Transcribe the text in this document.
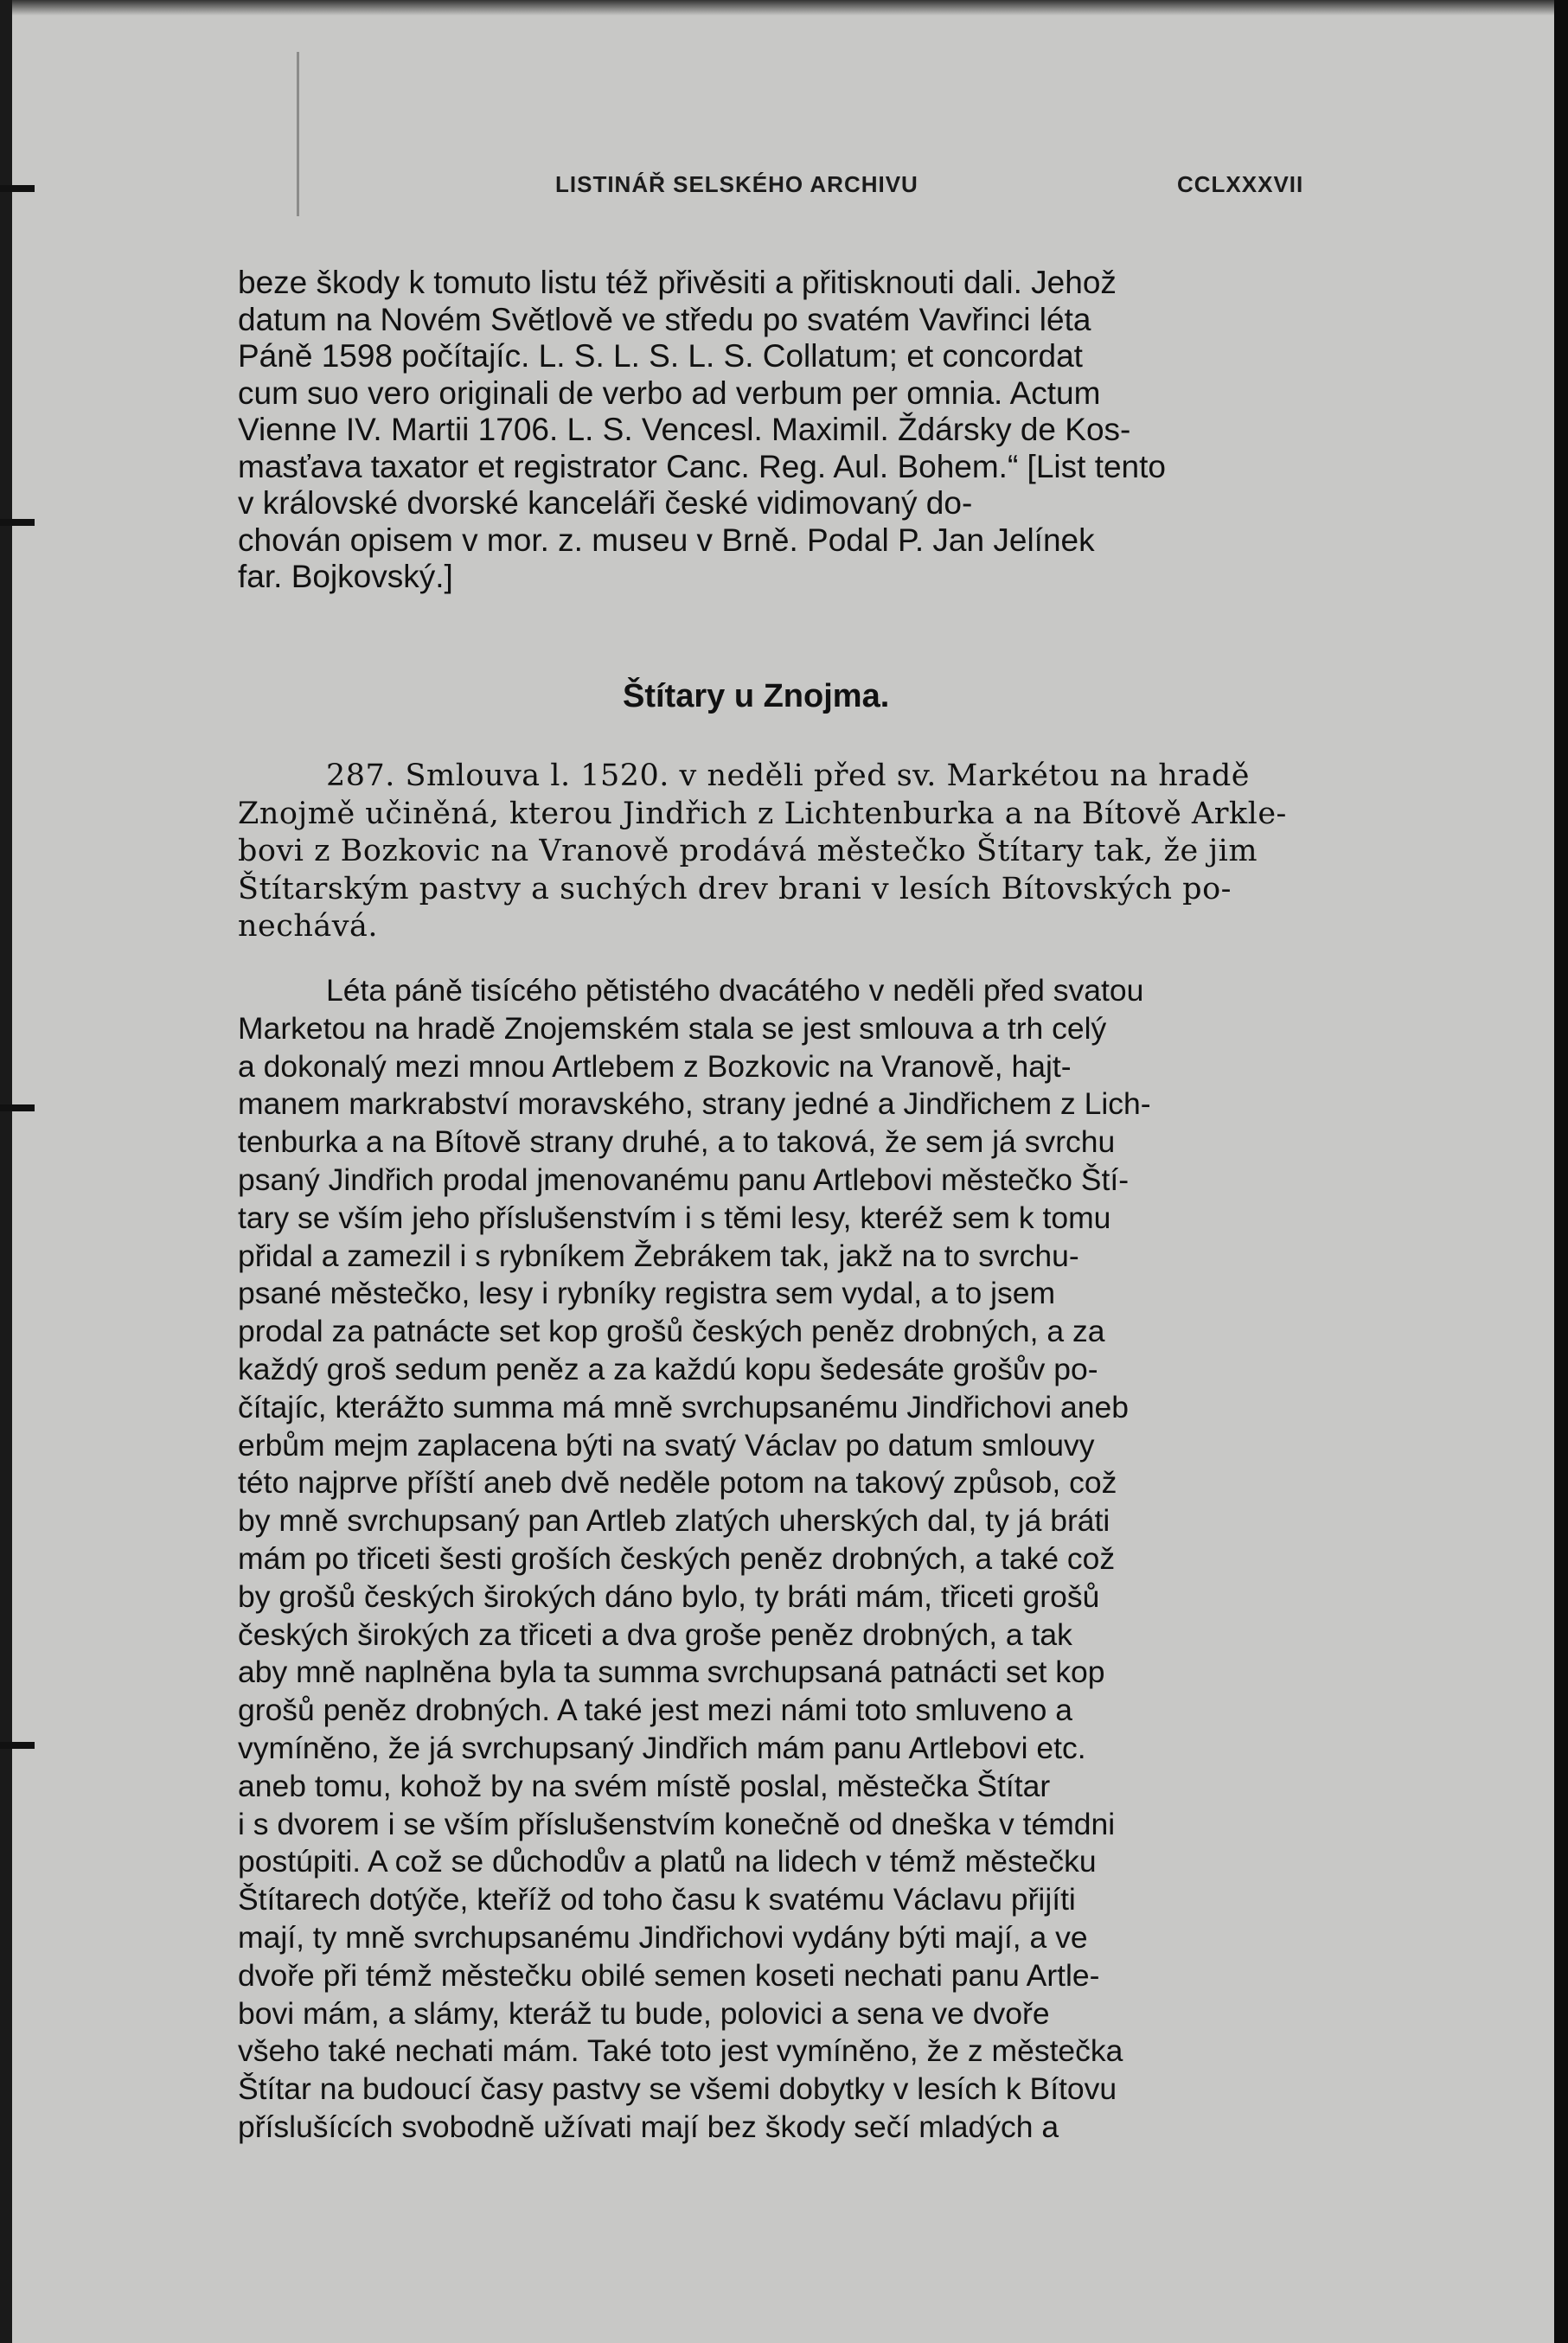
LISTINÁŘ SELSKÉHO ARCHIVU	CCLXXXVII
beze škody k tomuto listu též přivěsiti a přitisknouti dali. Jehož
datum na Novém Světlově ve středu po svatém Vavřinci léta
Páně 1598 počítajíc. L. S. L. S. L. S. Collatum; et concordat
cum suo vero originali de verbo ad verbum per omnia. Actum
Vienne IV. Martii 1706. L. S. Vencesl. Maximil. Ždársky de Kos-
masťava taxator et registrator Canc. Reg. Aul. Bohem.“ [List tento
v královské dvorské kanceláři české vidimovaný do-
chován opisem v mor. z. museu v Brně. Podal P. Jan Jelínek
far. Bojkovský.]
Štítary u Znojma.
287. Smlouva l. 1520. v neděli před sv. Markétou na hradě
Znojmě učiněná, kterou Jindřich z Lichtenburka a na Bítově Arkle-
bovi z Bozkovic na Vranově prodává městečko Štítary tak, že jim
Štítarským pastvy a suchých drev brani v lesích Bítovských po-
nechává.
Léta páně tisícého pětistého dvacátého v neděli před svatou
Marketou na hradě Znojemském stala se jest smlouva a trh celý
a dokonalý mezi mnou Artlebem z Bozkovic na Vranově, hajt-
manem markrabství moravského, strany jedné a Jindřichem z Lich-
tenburka a na Bítově strany druhé, a to taková, že sem já svrchu
psaný Jindřich prodal jmenovanému panu Artlebovi městečko Ští-
tary se vším jeho příslušenstvím i s těmi lesy, kteréž sem k tomu
přidal a zamezil i s rybníkem Žebrákem tak, jakž na to svrchu-
psané městečko, lesy i rybníky registra sem vydal, a to jsem
prodal za patnácte set kop grošů českých peněz drobných, a za
každý groš sedum peněz a za každú kopu šedesáte grošův po-
čítajíc, kterážto summa má mně svrchupsanému Jindřichovi aneb
erbům mejm zaplacena býti na svatý Václav po datum smlouvy
této najprve příští aneb dvě neděle potom na takový způsob, což
by mně svrchupsaný pan Artleb zlatých uherských dal, ty já bráti
mám po třiceti šesti groších českých peněz drobných, a také což
by grošů českých širokých dáno bylo, ty bráti mám, třiceti grošů
českých širokých za třiceti a dva groše peněz drobných, a tak
aby mně naplněna byla ta summa svrchupsaná patnácti set kop
grošů peněz drobných. A také jest mezi námi toto smluveno a
vymíněno, že já svrchupsaný Jindřich mám panu Artlebovi etc.
aneb tomu, kohož by na svém místě poslal, městečka Štítar
i s dvorem i se vším příslušenstvím konečně od dneška v témdni
postúpiti. A což se důchodův a platů na lidech v témž městečku
Štítarech dotýče, kteříž od toho času k svatému Václavu přijíti
mají, ty mně svrchupsanému Jindřichovi vydány býti mají, a ve
dvoře při témž městečku obilé semen koseti nechati panu Artle-
bovi mám, a slámy, kteráž tu bude, polovici a sena ve dvoře
všeho také nechati mám. Také toto jest vymíněno, že z městečka
Štítar na budoucí časy pastvy se všemi dobytky v lesích k Bítovu
příslušících svobodně užívati mají bez škody sečí mladých a
